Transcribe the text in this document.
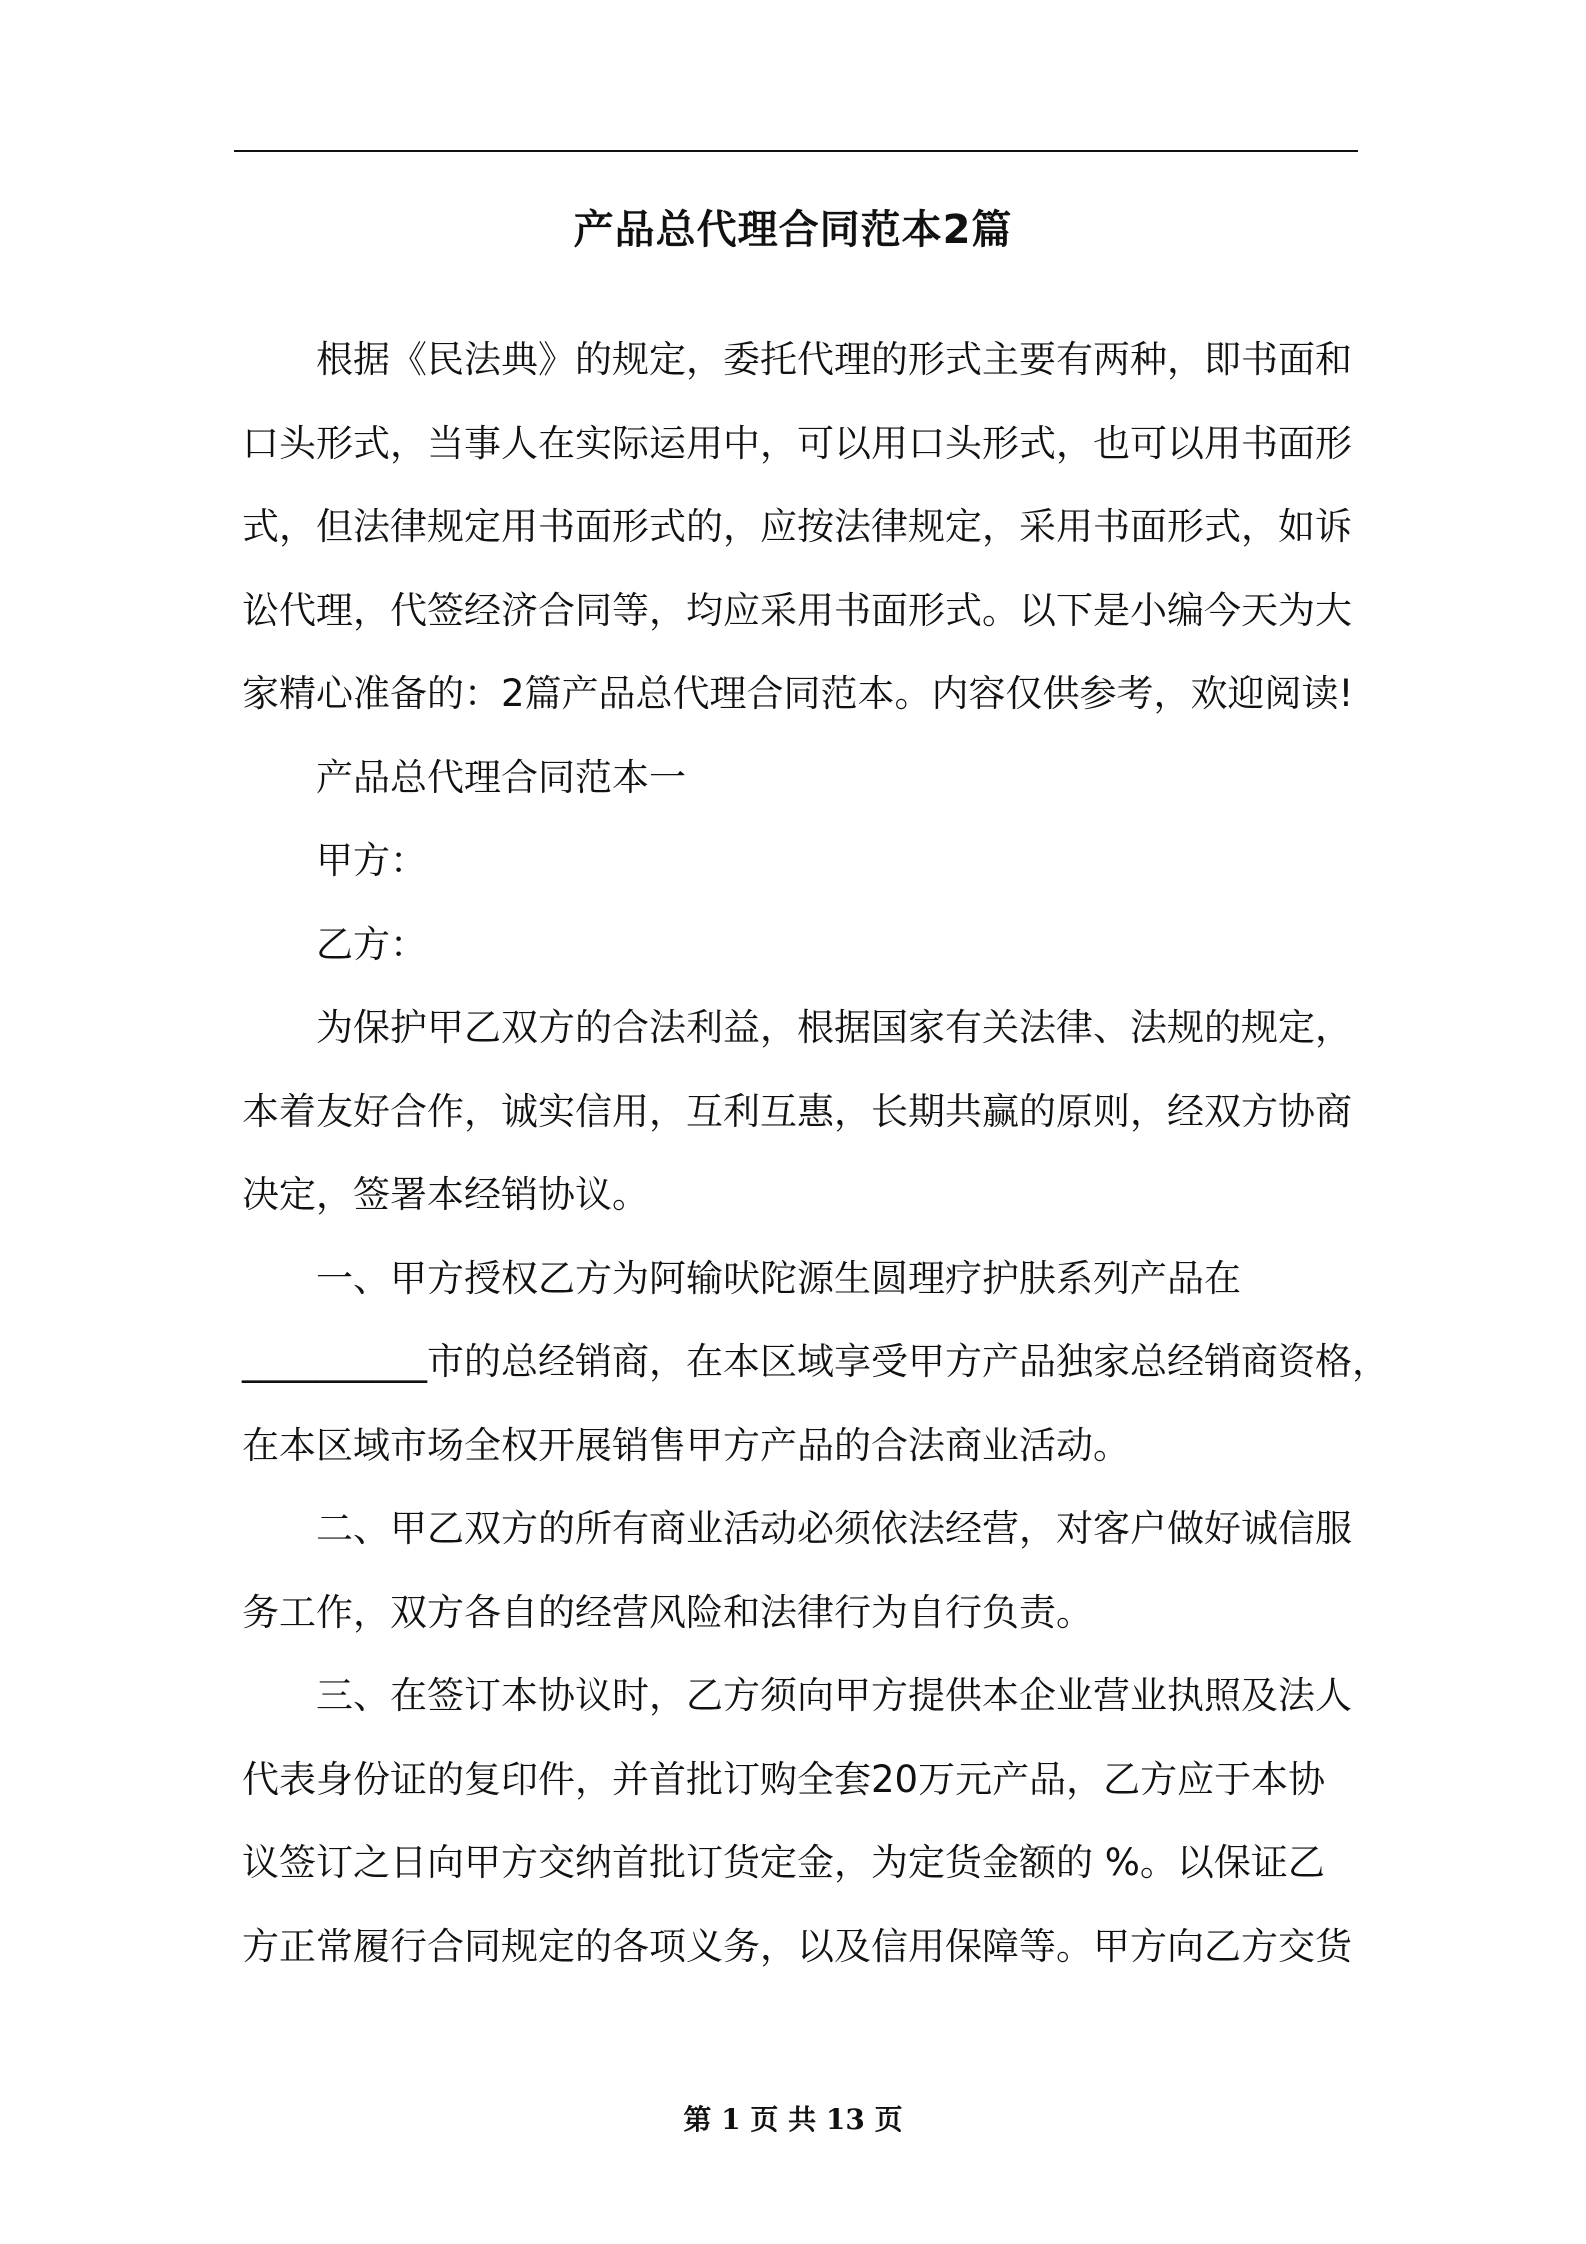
产品总代理合同范本2篇
根据《民法典》的规定，委托代理的形式主要有两种，即书面和
口头形式，当事人在实际运用中，可以用口头形式，也可以用书面形
式，但法律规定用书面形式的，应按法律规定，采用书面形式，如诉
讼代理，代签经济合同等，均应采用书面形式。以下是小编今天为大
家精心准备的：2篇产品总代理合同范本。内容仅供参考，欢迎阅读!
产品总代理合同范本一
甲方：
乙方：
为保护甲乙双方的合法利益，根据国家有关法律、法规的规定，
本着友好合作，诚实信用，互利互惠，长期共赢的原则，经双方协商
决定，签署本经销协议。
一、甲方授权乙方为阿输吠陀源生圆理疗护肤系列产品在
__________市的总经销商，在本区域享受甲方产品独家总经销商资格，
在本区域市场全权开展销售甲方产品的合法商业活动。
二、甲乙双方的所有商业活动必须依法经营，对客户做好诚信服
务工作，双方各自的经营风险和法律行为自行负责。
三、在签订本协议时，乙方须向甲方提供本企业营业执照及法人
代表身份证的复印件，并首批订购全套20万元产品，乙方应于本协
议签订之日向甲方交纳首批订货定金，为定货金额的 %。以保证乙
方正常履行合同规定的各项义务，以及信用保障等。甲方向乙方交货
第 1 页 共 13 页
